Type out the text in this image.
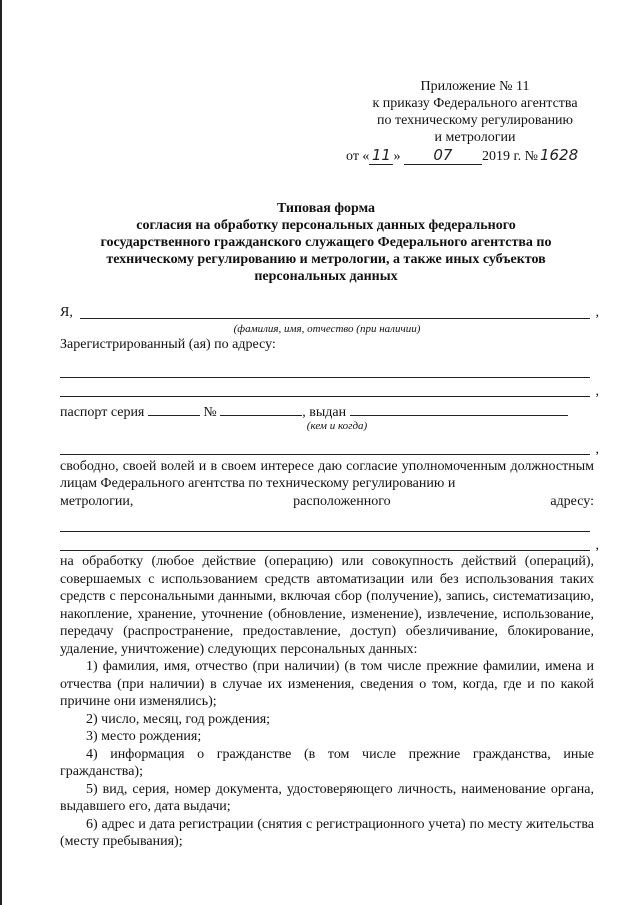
Приложение № 11
к приказу Федерального агентства
по техническому регулированию
и метрологии
от « 11 » 07 2019 г. № 1628
Типовая форма
согласия на обработку персональных данных федерального
государственного гражданского служащего Федерального агентства по
техническому регулированию и метрологии, а также иных субъектов
персональных данных
Я,	,
(фамилия, имя, отчество (при наличии)
Зарегистрированный (ая) по адресу:
,
паспорт серия	№	, выдан
(кем и когда)
,
свободно, своей волей и в своем интересе даю согласие уполномоченным должностным лицам Федерального агентства по техническому регулированию и
метрологии,	расположенного	адресу:
,
на обработку (любое действие (операцию) или совокупность действий (операций), совершаемых с использованием средств автоматизации или без использования таких средств с персональными данными, включая сбор (получение), запись, систематизацию, накопление, хранение, уточнение (обновление, изменение), извлечение, использование, передачу (распространение, предоставление, доступ) обезличивание, блокирование, удаление, уничтожение) следующих персональных данных:
1) фамилия, имя, отчество (при наличии) (в том числе прежние фамилии, имена и отчества (при наличии) в случае их изменения, сведения о том, когда, где и по какой причине они изменялись);
2) число, месяц, год рождения;
3) место рождения;
4) информация о гражданстве (в том числе прежние гражданства, иные гражданства);
5) вид, серия, номер документа, удостоверяющего личность, наименование органа, выдавшего его, дата выдачи;
6) адрес и дата регистрации (снятия с регистрационного учета) по месту жительства (месту пребывания);
